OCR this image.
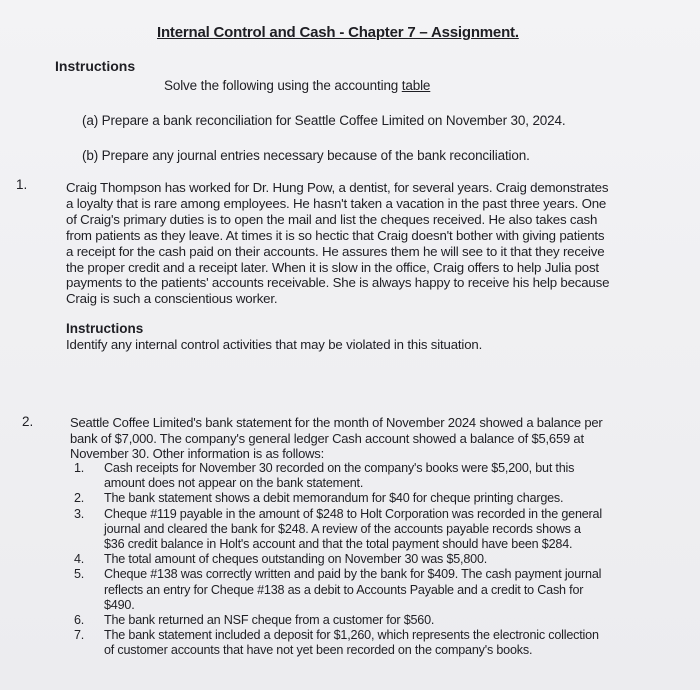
Internal Control and Cash - Chapter 7 – Assignment.
Instructions
Solve the following using the accounting table
(a) Prepare a bank reconciliation for Seattle Coffee Limited on November 30, 2024.
(b) Prepare any journal entries necessary because of the bank reconciliation.
1.	Craig Thompson has worked for Dr. Hung Pow, a dentist, for several years. Craig demonstrates
a loyalty that is rare among employees. He hasn't taken a vacation in the past three years. One
of Craig's primary duties is to open the mail and list the cheques received. He also takes cash
from patients as they leave. At times it is so hectic that Craig doesn't bother with giving patients
a receipt for the cash paid on their accounts. He assures them he will see to it that they receive
the proper credit and a receipt later. When it is slow in the office, Craig offers to help Julia post
payments to the patients' accounts receivable. She is always happy to receive his help because
Craig is such a conscientious worker.
Instructions
Identify any internal control activities that may be violated in this situation.
2.	Seattle Coffee Limited's bank statement for the month of November 2024 showed a balance per
bank of $7,000. The company's general ledger Cash account showed a balance of $5,659 at
November 30. Other information is as follows:
1. Cash receipts for November 30 recorded on the company's books were $5,200, but this
amount does not appear on the bank statement.
2. The bank statement shows a debit memorandum for $40 for cheque printing charges.
3. Cheque #119 payable in the amount of $248 to Holt Corporation was recorded in the general
journal and cleared the bank for $248. A review of the accounts payable records shows a
$36 credit balance in Holt's account and that the total payment should have been $284.
4. The total amount of cheques outstanding on November 30 was $5,800.
5. Cheque #138 was correctly written and paid by the bank for $409. The cash payment journal
reflects an entry for Cheque #138 as a debit to Accounts Payable and a credit to Cash for
$490.
6. The bank returned an NSF cheque from a customer for $560.
7. The bank statement included a deposit for $1,260, which represents the electronic collection
of customer accounts that have not yet been recorded on the company's books.
